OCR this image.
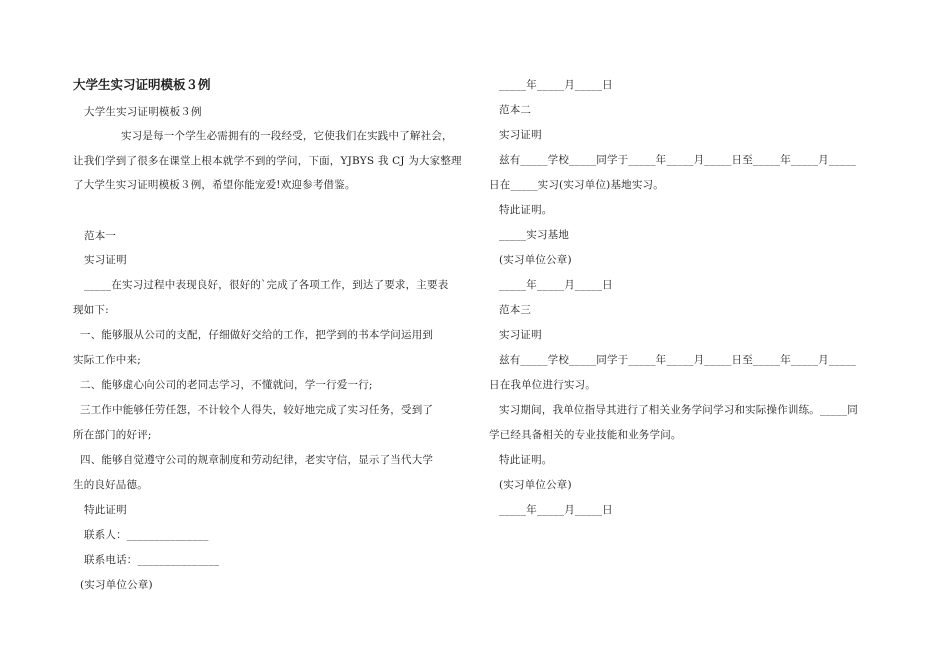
大学生实习证明模板３例
大学生实习证明模板３例
实习是每一个学生必需拥有的一段经受，它使我们在实践中了解社会，
让我们学到了很多在课堂上根本就学不到的学问，下面，YJBYS 我 CJ 为大家整理
了大学生实习证明模板３例，希望你能宠爱!欢迎参考借鉴。
范本一
实习证明
_____在实习过程中表现良好，很好的`完成了各项工作，到达了要求，主要表
现如下:
一、能够服从公司的支配，仔细做好交给的工作，把学到的书本学问运用到
实际工作中来;
二、能够虚心向公司的老同志学习，不懂就问，学一行爱一行;
三工作中能够任劳任怨，不计较个人得失，较好地完成了实习任务，受到了
所在部门的好评;
四、能够自觉遵守公司的规章制度和劳动纪律，老实守信，显示了当代大学
生的良好品德。
特此证明
联系人：_______________
联系电话：_______________
(实习单位公章)
_____年_____月_____日
范本二
实习证明
兹有_____学校_____同学于_____年_____月_____日至_____年_____月_____
日在_____实习(实习单位)基地实习。
特此证明。
_____实习基地
(实习单位公章)
_____年_____月_____日
范本三
实习证明
兹有_____学校_____同学于_____年_____月_____日至_____年_____月_____
日在我单位进行实习。
实习期间，我单位指导其进行了相关业务学问学习和实际操作训练。_____同
学已经具备相关的专业技能和业务学问。
特此证明。
(实习单位公章)
_____年_____月_____日
